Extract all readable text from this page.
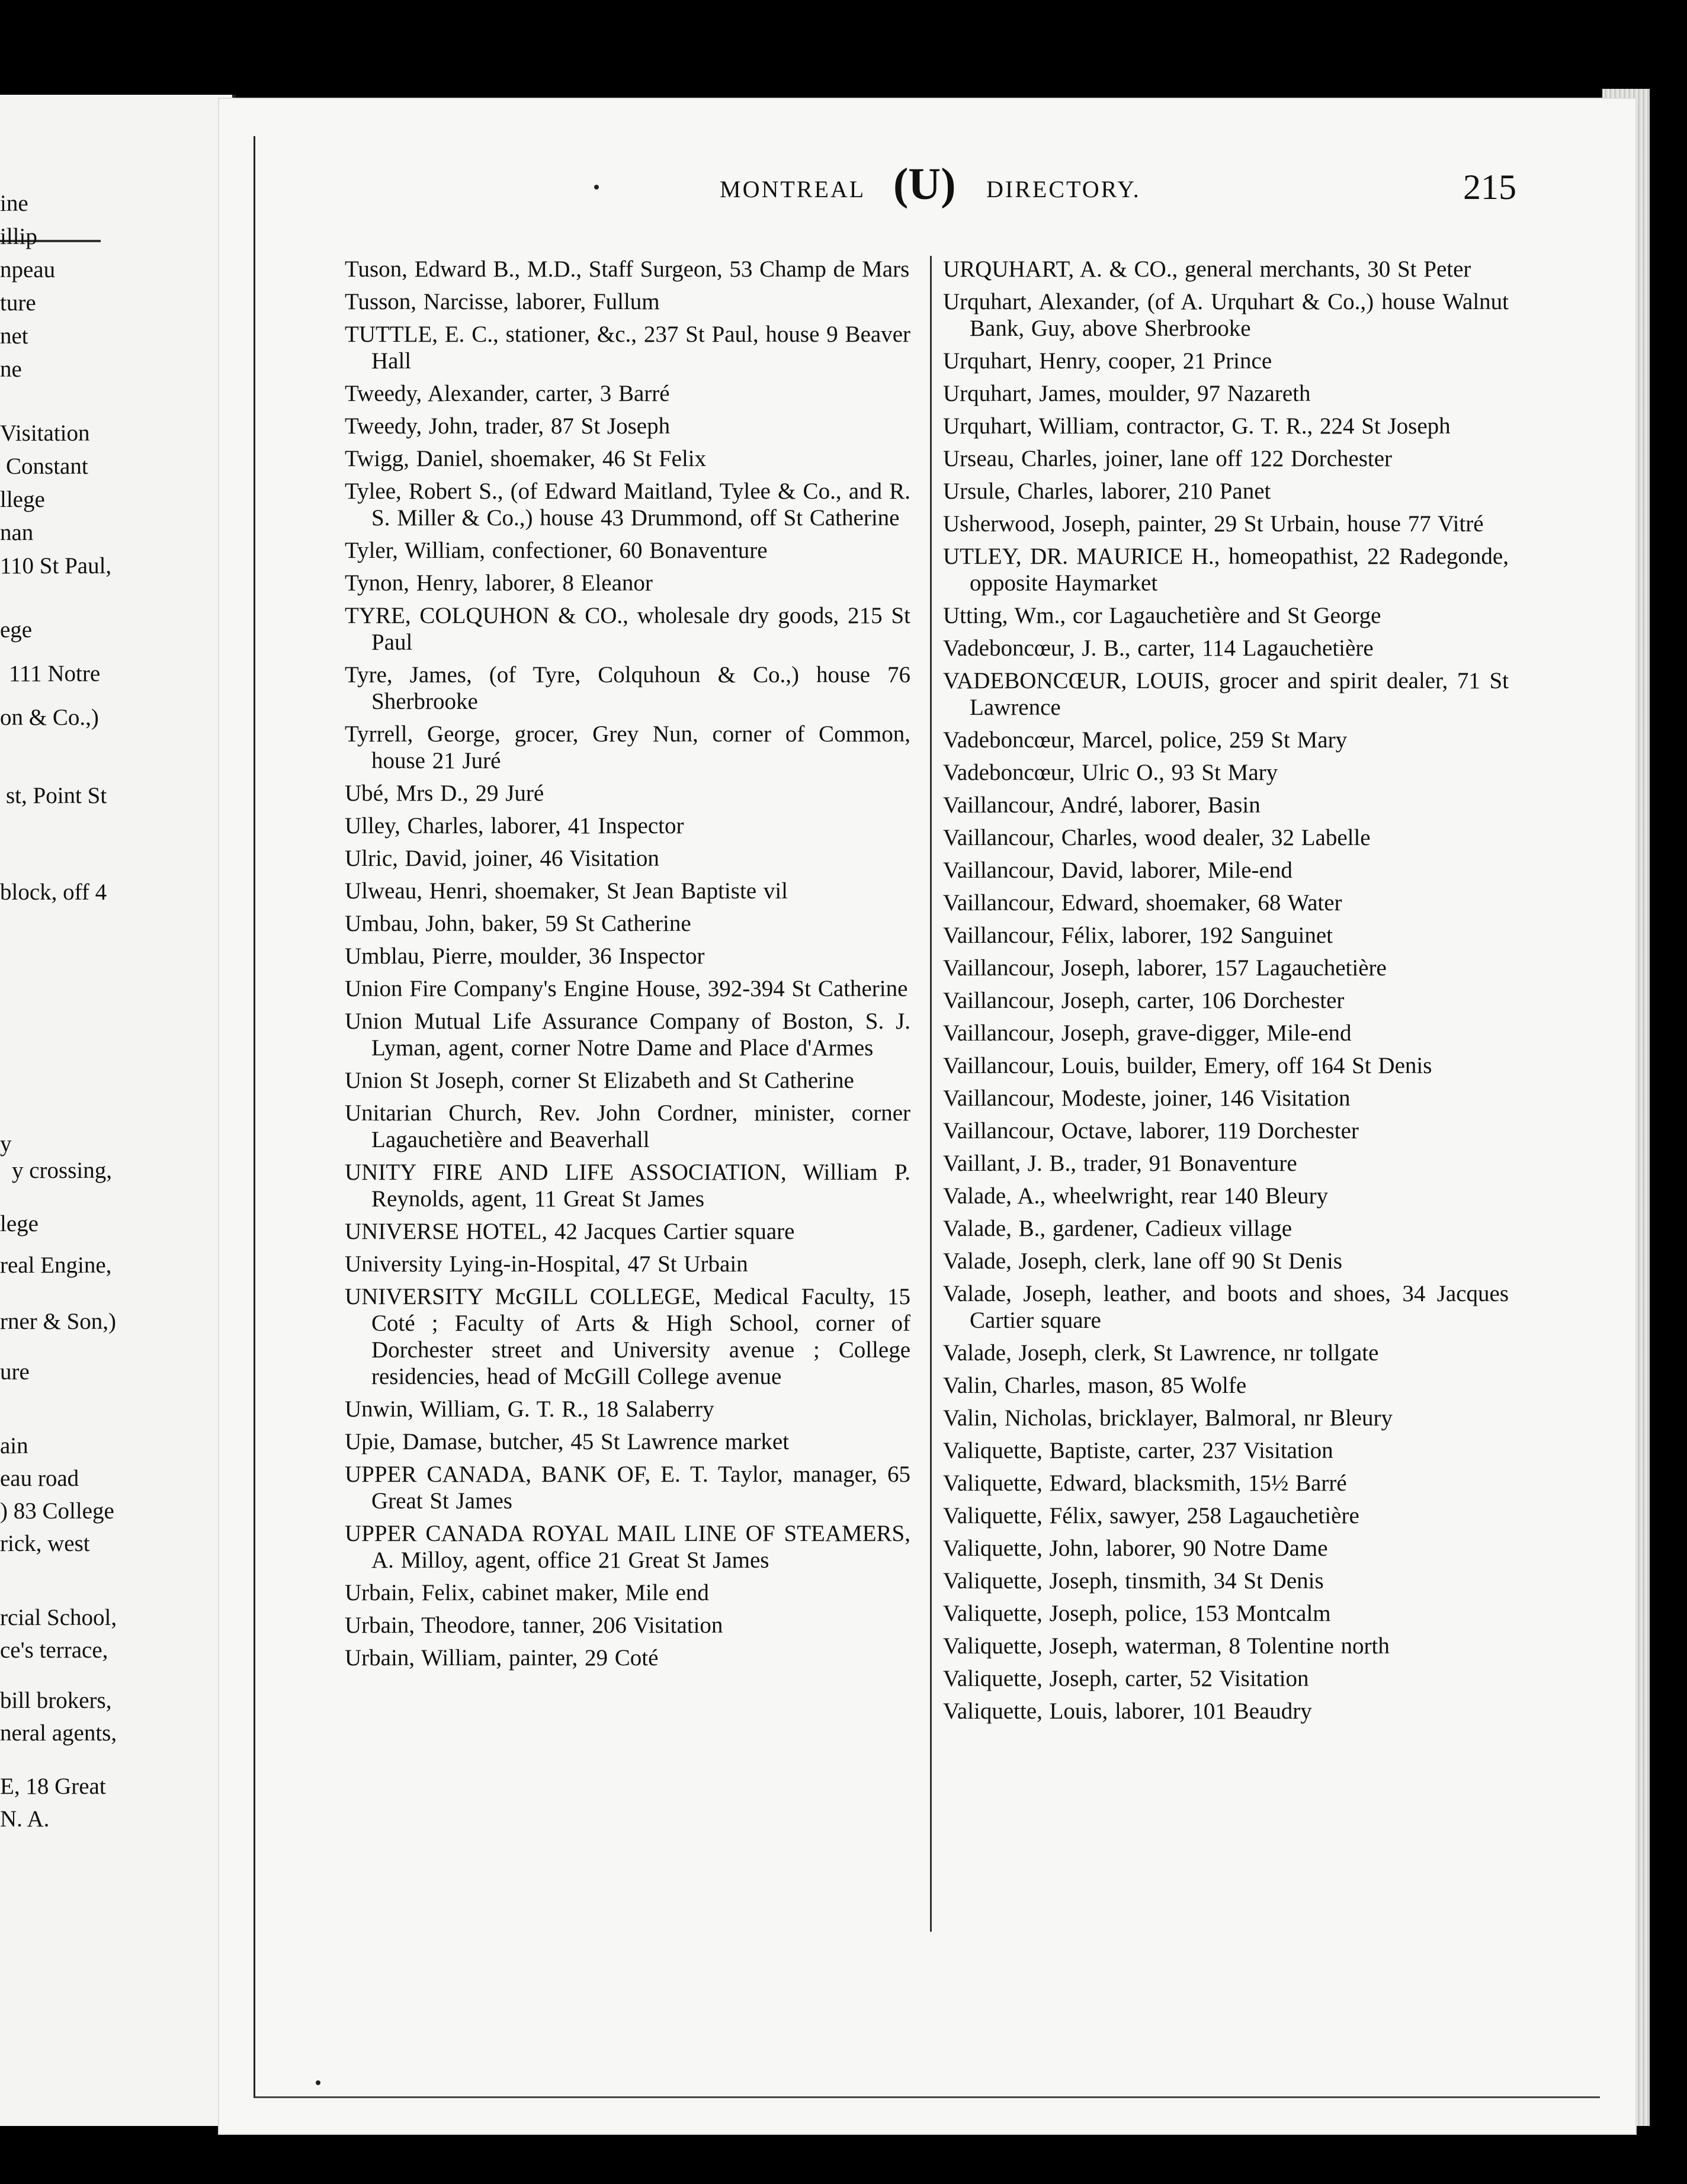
ine
illip
npeau
ture
net
ne
Visitation
Constant
llege
nan
110 St Paul,
ege
111 Notre
on & Co.,)
st, Point St
block, off 4
y
y crossing,
lege
real Engine,
rner & Son,)
ure
ain
eau road
) 83 College
rick, west
rcial School,
ce's terrace,
bill brokers,
neral agents,
E, 18 Great
N. A.
MONTREAL (U) DIRECTORY.	215
Tuson, Edward B., M.D., Staff Surgeon, 53 Champ de Mars
Tusson, Narcisse, laborer, Fullum
TUTTLE, E. C., stationer, &c., 237 St Paul, house 9 Beaver Hall
Tweedy, Alexander, carter, 3 Barré
Tweedy, John, trader, 87 St Joseph
Twigg, Daniel, shoemaker, 46 St Felix
Tylee, Robert S., (of Edward Maitland, Tylee & Co., and R. S. Miller & Co.,) house 43 Drummond, off St Catherine
Tyler, William, confectioner, 60 Bonaventure
Tynon, Henry, laborer, 8 Eleanor
TYRE, COLQUHON & CO., wholesale dry goods, 215 St Paul
Tyre, James, (of Tyre, Colquhoun & Co.,) house 76 Sherbrooke
Tyrrell, George, grocer, Grey Nun, corner of Common, house 21 Juré
Ubé, Mrs D., 29 Juré
Ulley, Charles, laborer, 41 Inspector
Ulric, David, joiner, 46 Visitation
Ulweau, Henri, shoemaker, St Jean Baptiste vil
Umbau, John, baker, 59 St Catherine
Umblau, Pierre, moulder, 36 Inspector
Union Fire Company's Engine House, 392-394 St Catherine
Union Mutual Life Assurance Company of Boston, S. J. Lyman, agent, corner Notre Dame and Place d'Armes
Union St Joseph, corner St Elizabeth and St Catherine
Unitarian Church, Rev. John Cordner, minister, corner Lagauchetière and Beaverhall
UNITY FIRE AND LIFE ASSOCIATION, William P. Reynolds, agent, 11 Great St James
UNIVERSE HOTEL, 42 Jacques Cartier square
University Lying-in-Hospital, 47 St Urbain
UNIVERSITY McGILL COLLEGE, Medical Faculty, 15 Coté ; Faculty of Arts & High School, corner of Dorchester street and University avenue ; College residencies, head of McGill College avenue
Unwin, William, G. T. R., 18 Salaberry
Upie, Damase, butcher, 45 St Lawrence market
UPPER CANADA, BANK OF, E. T. Taylor, manager, 65 Great St James
UPPER CANADA ROYAL MAIL LINE OF STEAMERS, A. Milloy, agent, office 21 Great St James
Urbain, Felix, cabinet maker, Mile end
Urbain, Theodore, tanner, 206 Visitation
Urbain, William, painter, 29 Coté
URQUHART, A. & CO., general merchants, 30 St Peter
Urquhart, Alexander, (of A. Urquhart & Co.,) house Walnut Bank, Guy, above Sherbrooke
Urquhart, Henry, cooper, 21 Prince
Urquhart, James, moulder, 97 Nazareth
Urquhart, William, contractor, G. T. R., 224 St Joseph
Urseau, Charles, joiner, lane off 122 Dorchester
Ursule, Charles, laborer, 210 Panet
Usherwood, Joseph, painter, 29 St Urbain, house 77 Vitré
UTLEY, DR. MAURICE H., homeopathist, 22 Radegonde, opposite Haymarket
Utting, Wm., cor Lagauchetière and St George
Vadeboncœur, J. B., carter, 114 Lagauchetière
VADEBONCŒUR, LOUIS, grocer and spirit dealer, 71 St Lawrence
Vadeboncœur, Marcel, police, 259 St Mary
Vadeboncœur, Ulric O., 93 St Mary
Vaillancour, André, laborer, Basin
Vaillancour, Charles, wood dealer, 32 Labelle
Vaillancour, David, laborer, Mile-end
Vaillancour, Edward, shoemaker, 68 Water
Vaillancour, Félix, laborer, 192 Sanguinet
Vaillancour, Joseph, laborer, 157 Lagauchetière
Vaillancour, Joseph, carter, 106 Dorchester
Vaillancour, Joseph, grave-digger, Mile-end
Vaillancour, Louis, builder, Emery, off 164 St Denis
Vaillancour, Modeste, joiner, 146 Visitation
Vaillancour, Octave, laborer, 119 Dorchester
Vaillant, J. B., trader, 91 Bonaventure
Valade, A., wheelwright, rear 140 Bleury
Valade, B., gardener, Cadieux village
Valade, Joseph, clerk, lane off 90 St Denis
Valade, Joseph, leather, and boots and shoes, 34 Jacques Cartier square
Valade, Joseph, clerk, St Lawrence, nr tollgate
Valin, Charles, mason, 85 Wolfe
Valin, Nicholas, bricklayer, Balmoral, nr Bleury
Valiquette, Baptiste, carter, 237 Visitation
Valiquette, Edward, blacksmith, 15½ Barré
Valiquette, Félix, sawyer, 258 Lagauchetière
Valiquette, John, laborer, 90 Notre Dame
Valiquette, Joseph, tinsmith, 34 St Denis
Valiquette, Joseph, police, 153 Montcalm
Valiquette, Joseph, waterman, 8 Tolentine north
Valiquette, Joseph, carter, 52 Visitation
Valiquette, Louis, laborer, 101 Beaudry
